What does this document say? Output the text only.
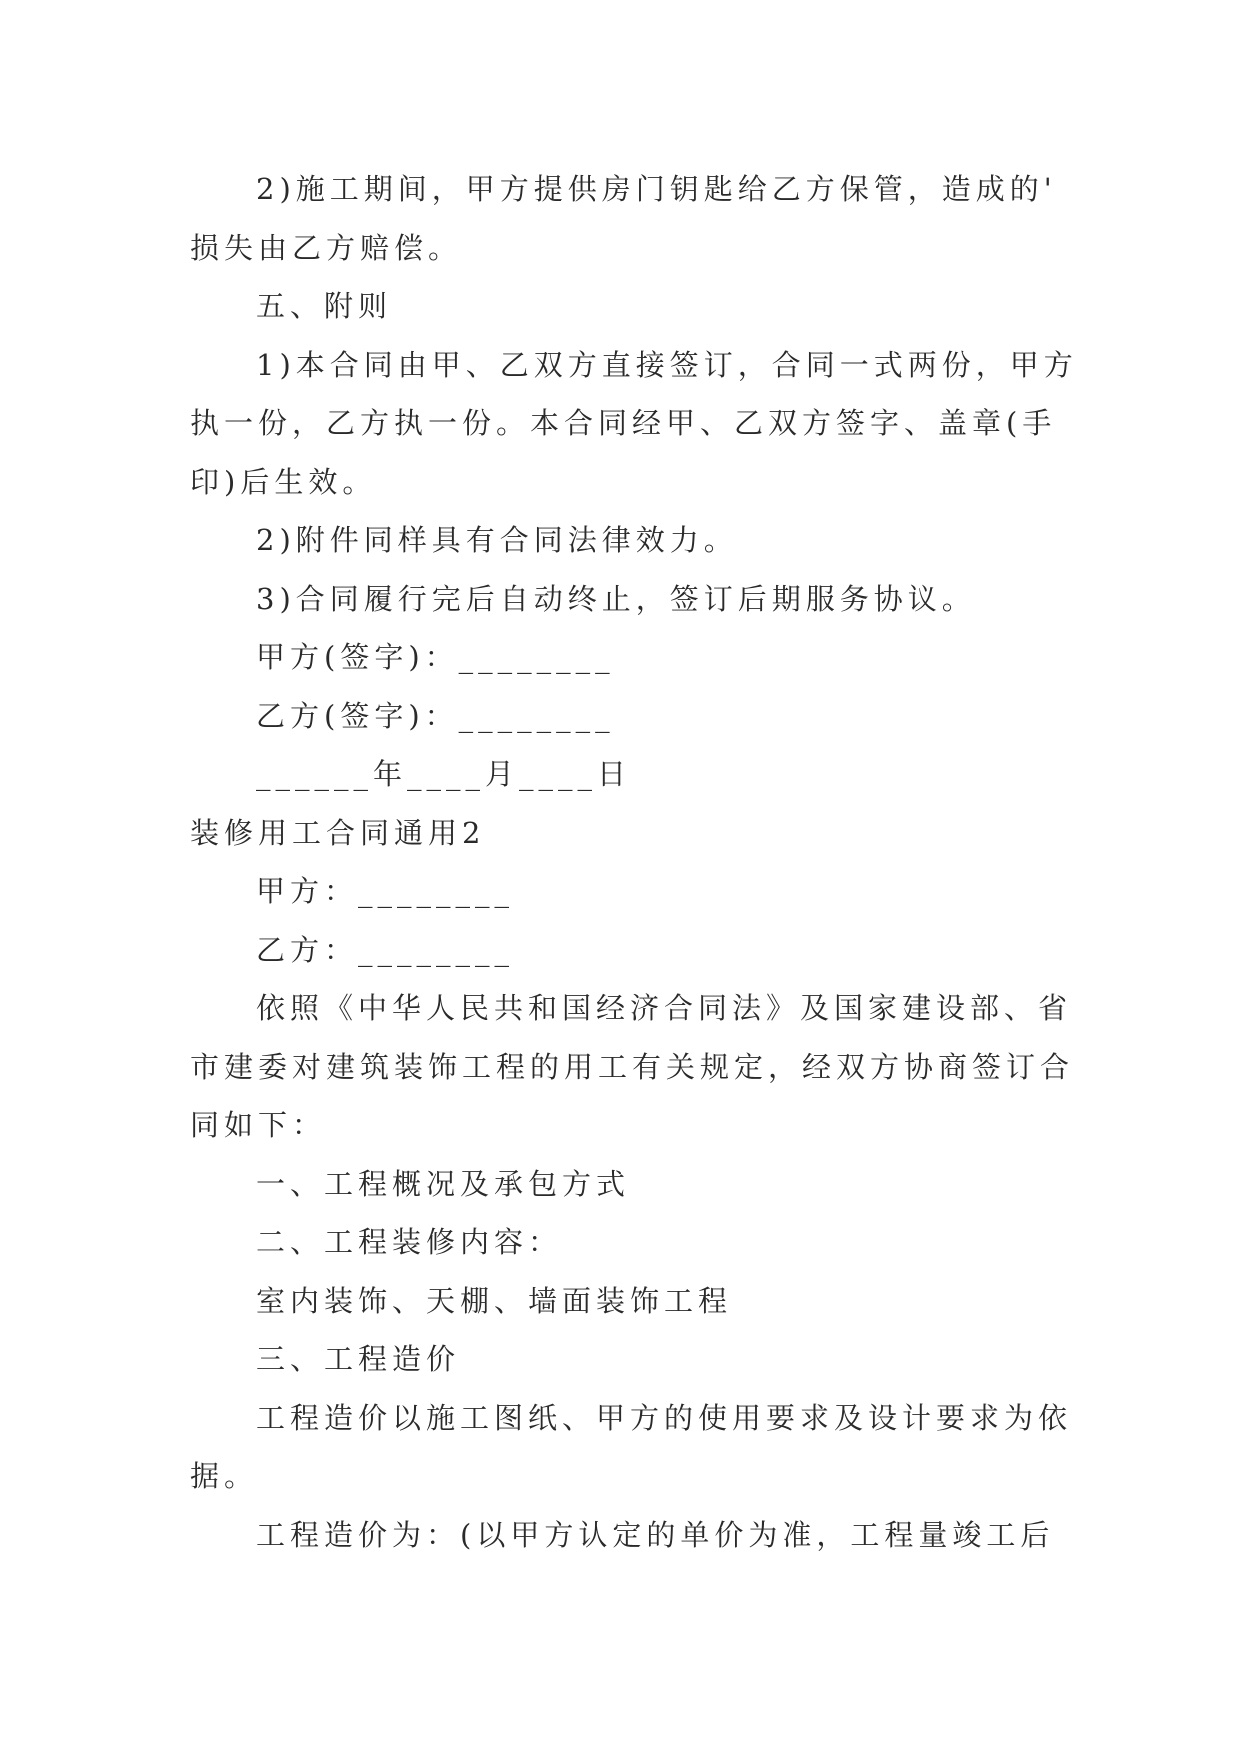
2)施工期间，甲方提供房门钥匙给乙方保管，造成的'

损失由乙方赔偿。

五、附则

1)本合同由甲、乙双方直接签订，合同一式两份，甲方

执一份，乙方执一份。本合同经甲、乙双方签字、盖章(手

印)后生效。

2)附件同样具有合同法律效力。

3)合同履行完后自动终止，签订后期服务协议。

甲方(签字)：________

乙方(签字)：________

______年____月____日

装修用工合同通用2

甲方：________

乙方：________

依照《中华人民共和国经济合同法》及国家建设部、省

市建委对建筑装饰工程的用工有关规定，经双方协商签订合

同如下：

一、工程概况及承包方式

二、工程装修内容：

室内装饰、天棚、墙面装饰工程

三、工程造价

工程造价以施工图纸、甲方的使用要求及设计要求为依

据。

工程造价为：(以甲方认定的单价为准，工程量竣工后
